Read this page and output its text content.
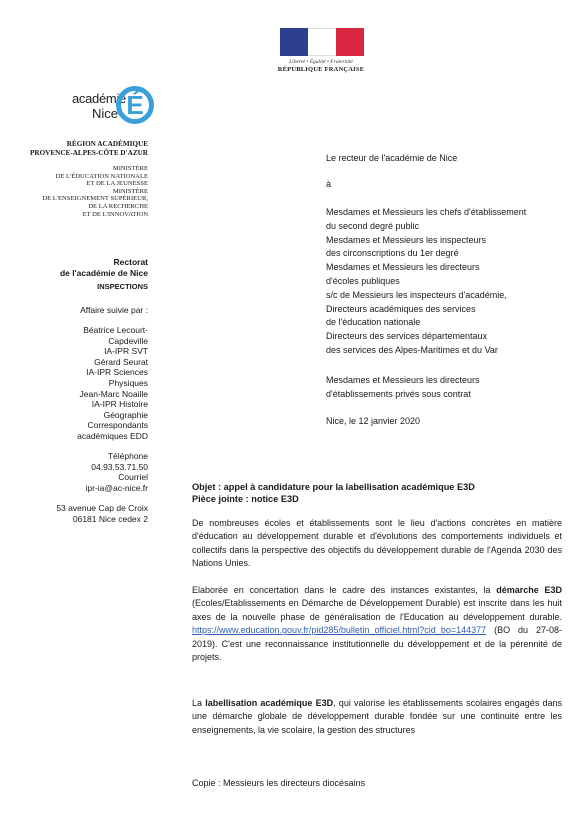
Liberté • Égalité • Fraternité
RÉPUBLIQUE FRANÇAISE
académie
Nice É
RÉGION ACADÉMIQUE
PROVENCE-ALPES-CÔTE D'AZUR
MINISTÈRE
DE L'ÉDUCATION NATIONALE
ET DE LA JEUNESSE
MINISTÈRE
DE L'ENSEIGNEMENT SUPÉRIEUR,
DE LA RECHERCHE
ET DE L'INNOVATION
Rectorat
de l'académie de Nice
INSPECTIONS
Affaire suivie par :
Béatrice Lecourt-
Capdeville
IA-IPR SVT
Gérard Seurat
IA-IPR Sciences
Physiques
Jean-Marc Noaille
IA-IPR Histoire
Géographie
Correspondants
académiques EDD
Téléphone
04.93.53.71.50
Courriel
ipr-ia@ac-nice.fr
53 avenue Cap de Croix
06181 Nice cedex 2
Le recteur de l'académie de Nice
à
Mesdames et Messieurs les chefs d'établissement
du second degré public
Mesdames et Messieurs les inspecteurs
des circonscriptions du 1er degré
Mesdames et Messieurs les directeurs
d'écoles publiques
s/c de Messieurs les inspecteurs d'académie,
Directeurs académiques des services
de l'éducation nationale
Directeurs des services départementaux
des services des Alpes-Maritimes et du Var
Mesdames et Messieurs les directeurs
d'établissements privés sous contrat
Nice, le 12 janvier 2020
Objet : appel à candidature pour la labellisation académique E3D
Pièce jointe : notice E3D
De nombreuses écoles et établissements sont le lieu d'actions concrètes en matière d'éducation au développement durable et d'évolutions des comportements individuels et collectifs dans la perspective des objectifs du développement durable de l'Agenda 2030 des Nations Unies.
Elaborée en concertation dans le cadre des instances existantes, la démarche E3D (Ecoles/Etablissements en Démarche de Développement Durable) est inscrite dans les huit axes de la nouvelle phase de généralisation de l'Education au développement durable. https://www.education.gouv.fr/pid285/bulletin_officiel.html?cid_bo=144377 (BO du 27-08-2019). C'est une reconnaissance institutionnelle du développement et de la pérennité de projets.
La labellisation académique E3D, qui valorise les établissements scolaires engagés dans une démarche globale de développement durable fondée sur une continuité entre les enseignements, la vie scolaire, la gestion des structures
Copie : Messieurs les directeurs diocésains
